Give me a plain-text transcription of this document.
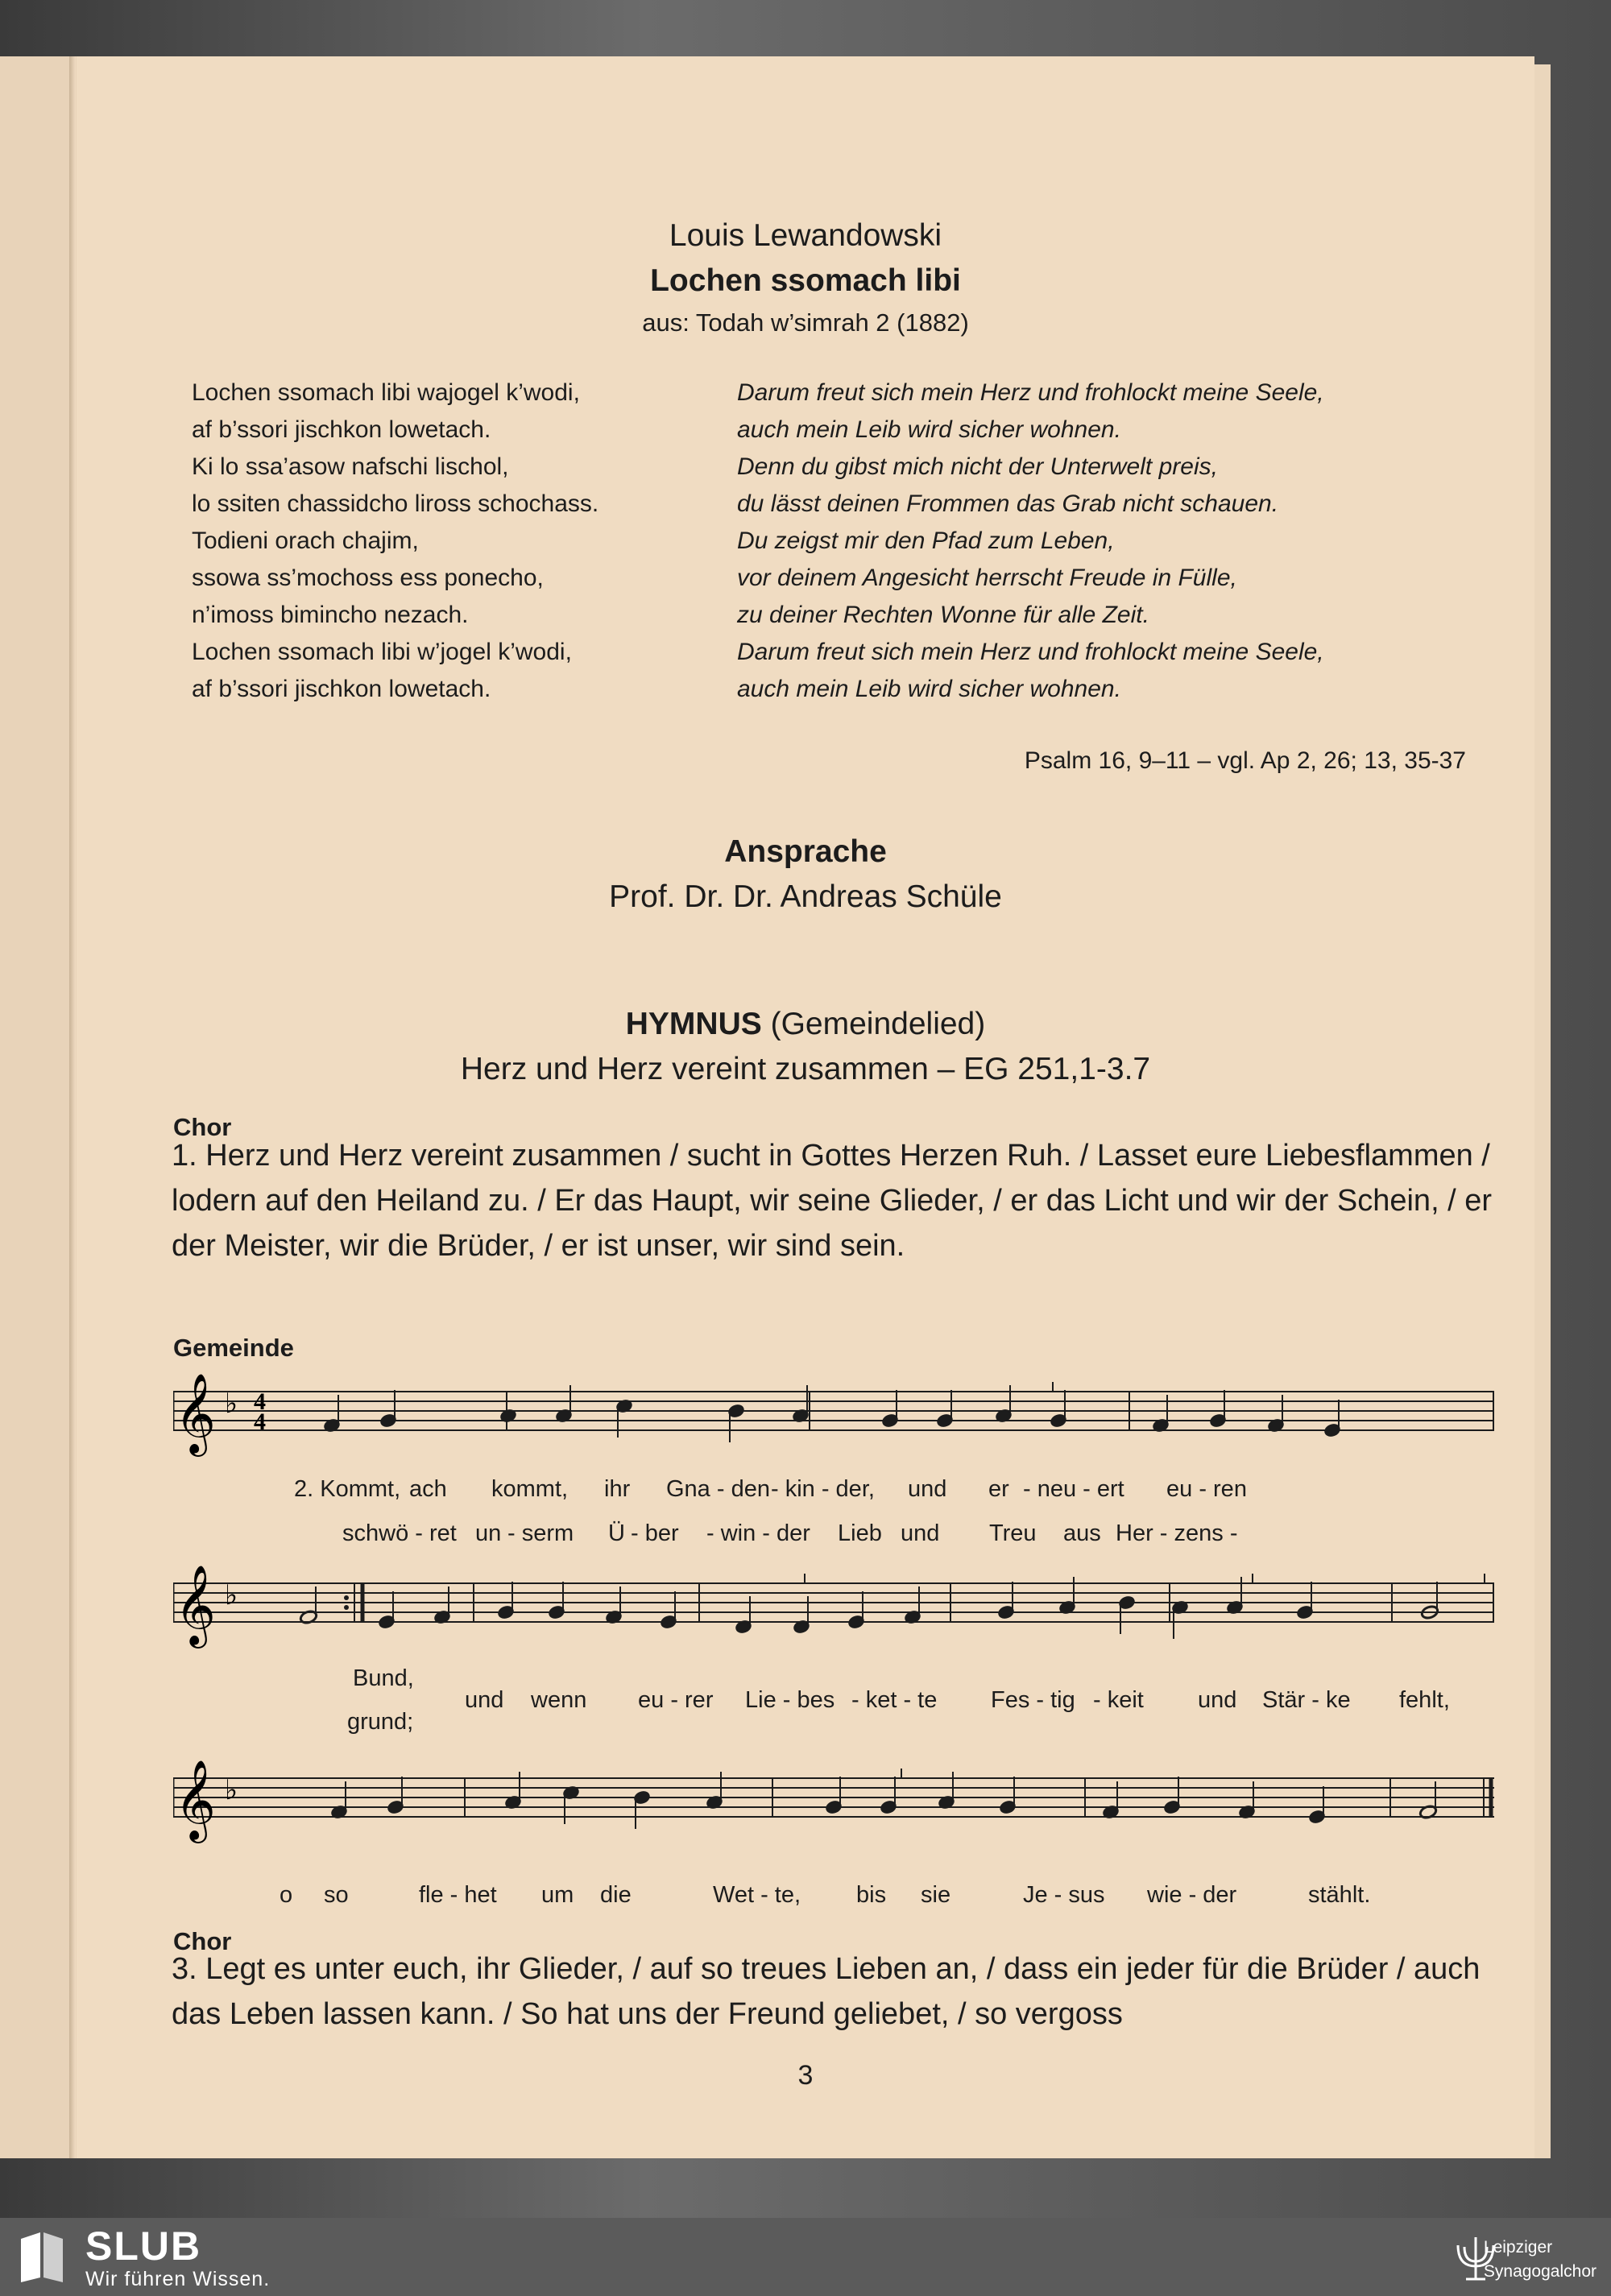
Louis Lewandowski
Lochen ssomach libi
aus: Todah w’simrah 2 (1882)
Lochen ssomach libi wajogel k’wodi,
af b’ssori jischkon lowetach.
Ki lo ssa’asow nafschi lischol,
lo ssiten chassidcho liross schochass.
Todieni orach chajim,
ssowa ss’mochoss ess ponecho,
n’imoss bimincho nezach.
Lochen ssomach libi w’jogel k’wodi,
af b’ssori jischkon lowetach.
Darum freut sich mein Herz und frohlockt meine Seele,
auch mein Leib wird sicher wohnen.
Denn du gibst mich nicht der Unterwelt preis,
du lässt deinen Frommen das Grab nicht schauen.
Du zeigst mir den Pfad zum Leben,
vor deinem Angesicht herrscht Freude in Fülle,
zu deiner Rechten Wonne für alle Zeit.
Darum freut sich mein Herz und frohlockt meine Seele,
auch mein Leib wird sicher wohnen.
Psalm 16, 9–11 – vgl. Ap 2, 26; 13, 35-37
Ansprache
Prof. Dr. Dr. Andreas Schüle
HYMNUS (Gemeindelied)
Herz und Herz vereint zusammen – EG 251,1-3.7
Chor
1. Herz und Herz vereint zusammen / sucht in Gottes Herzen Ruh. / Lasset eure Liebesflammen / lodern auf den Heiland zu. / Er das Haupt, wir seine Glieder, / er das Licht und wir der Schein, / er der Meister, wir die Brüder, / er ist unser, wir sind sein.
Gemeinde
𝄞 ♭ 4
4
2. Kommt, ach kommt, ihr Gna - den - kin - der, und er - neu - ert eu - ren
schwö - ret un - serm Ü - ber - win - der Lieb und Treu aus Her - zens -
𝄞 ♭
Bund,
grund;
und wenn eu - rer Lie - bes - ket - te Fes - tig - keit und Stär - ke fehlt,
𝄞 ♭
o so	fle - het um die	Wet - te, bis sie	Je - sus wie - der	stählt.
Chor
3. Legt es unter euch, ihr Glieder, / auf so treues Lieben an, / dass ein jeder für die Brüder / auch das Leben lassen kann. / So hat uns der Freund geliebet, / so vergoss
3
SLUB
Wir führen Wissen.
Leipziger
Synagogalchor
